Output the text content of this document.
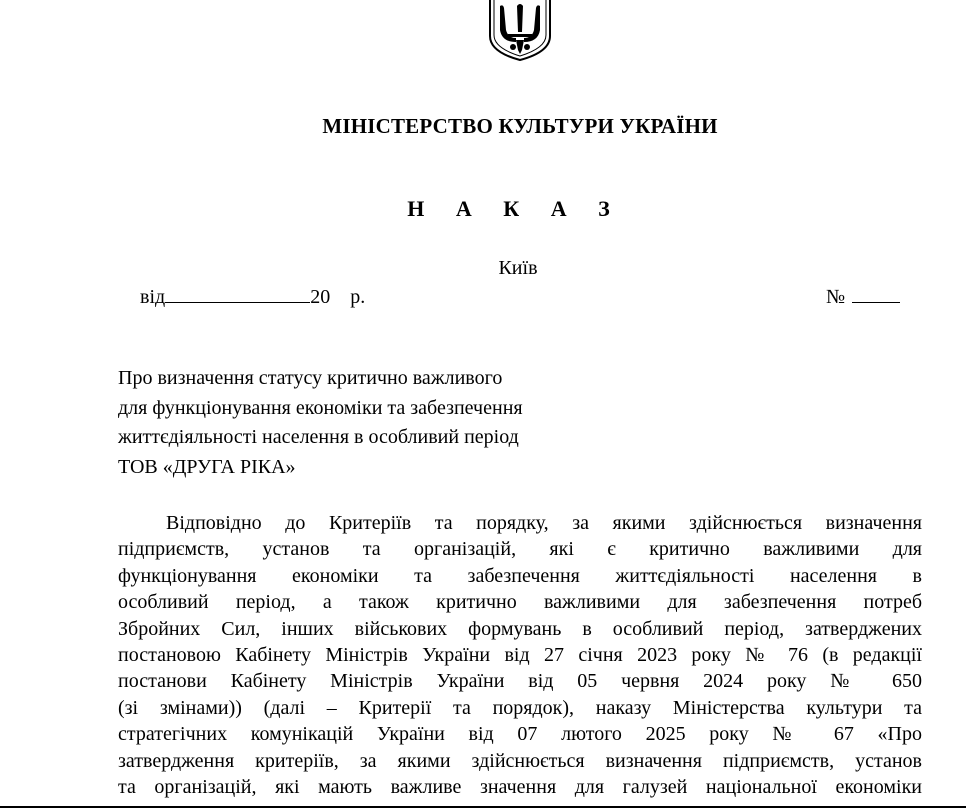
МІНІСТЕРСТВО КУЛЬТУРИ УКРАЇНИ
Н А К А З
Київ
від	20 р.	№
Про визначення статусу критично важливого
для функціонування економіки та забезпечення
життєдіяльності населення в особливий період
ТОВ «ДРУГА РІКА»
Відповідно до Критеріїв та порядку, за якими здійснюється визначення
підприємств, установ та організацій, які є критично важливими для
функціонування економіки та забезпечення життєдіяльності населення в
особливий період, а також критично важливими для забезпечення потреб
Збройних Сил, інших військових формувань в особливий період, затверджених
постановою Кабінету Міністрів України від 27 січня 2023 року № 76 (в редакції
постанови Кабінету Міністрів України від 05 червня 2024 року № 650
(зі змінами)) (далі – Критерії та порядок), наказу Міністерства культури та
стратегічних комунікацій України від 07 лютого 2025 року № 67 «Про
затвердження критеріїв, за якими здійснюється визначення підприємств, установ
та організацій, які мають важливе значення для галузей національної економіки
